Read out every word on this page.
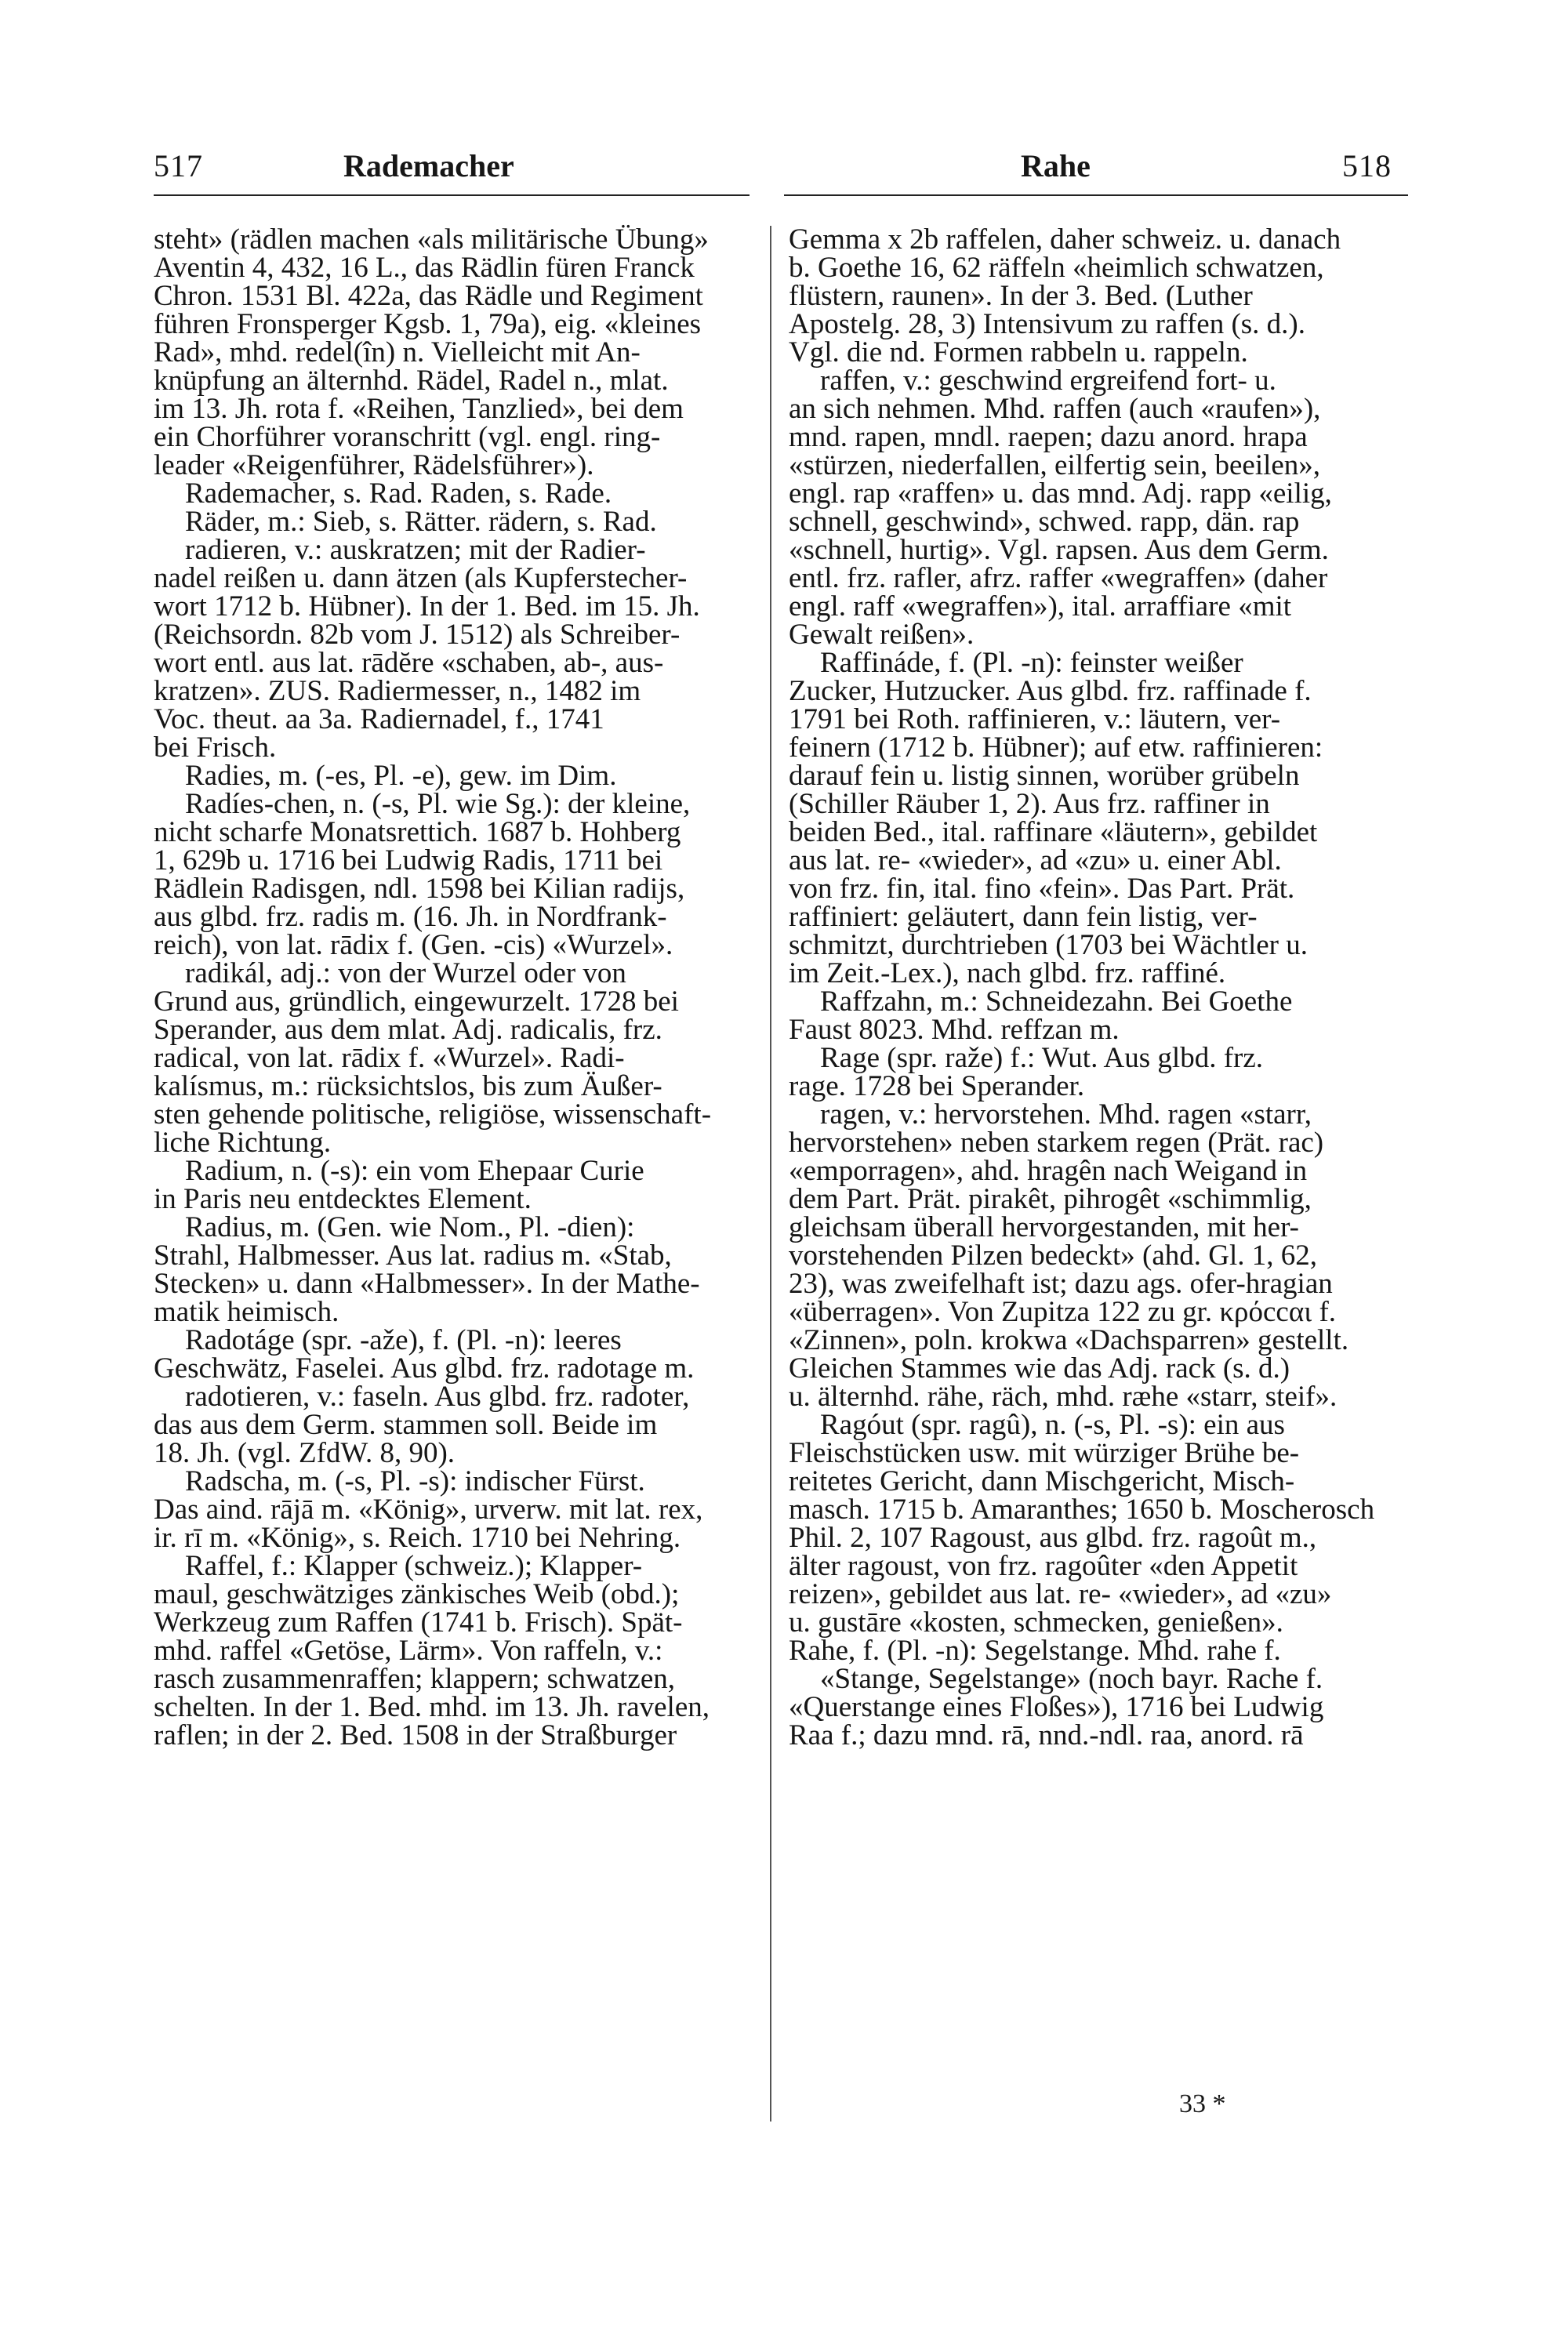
517	Rademacher	Rahe	518

steht» (rädlen machen «als militärische Übung»

Aventin 4, 432, 16 L., das Rädlin füren Franck

Chron. 1531 Bl. 422a, das Rädle und Regiment

führen Fronsperger Kgsb. 1, 79a), eig. «kleines

Rad», mhd. redel(în) n. Vielleicht mit An-

knüpfung an älternhd. Rädel, Radel n., mlat.

im 13. Jh. rota f. «Reihen, Tanzlied», bei dem

ein Chorführer voranschritt (vgl. engl. ring-

leader «Reigenführer, Rädelsführer»).

Rademacher, s. Rad. Raden, s. Rade.

Räder, m.: Sieb, s. Rätter. rädern, s. Rad.

radieren, v.: auskratzen; mit der Radier-

nadel reißen u. dann ätzen (als Kupferstecher-

wort 1712 b. Hübner). In der 1. Bed. im 15. Jh.

(Reichsordn. 82b vom J. 1512) als Schreiber-

wort entl. aus lat. rādĕre «schaben, ab-, aus-

kratzen». ZUS. Radiermesser, n., 1482 im

Voc. theut. aa 3a. Radiernadel, f., 1741

bei Frisch.

Radies, m. (-es, Pl. -e), gew. im Dim.

Radíes-chen, n. (-s, Pl. wie Sg.): der kleine,

nicht scharfe Monatsrettich. 1687 b. Hohberg

1, 629b u. 1716 bei Ludwig Radis, 1711 bei

Rädlein Radisgen, ndl. 1598 bei Kilian radijs,

aus glbd. frz. radis m. (16. Jh. in Nordfrank-

reich), von lat. rādix f. (Gen. -cis) «Wurzel».

radikál, adj.: von der Wurzel oder von

Grund aus, gründlich, eingewurzelt. 1728 bei

Sperander, aus dem mlat. Adj. radicalis, frz.

radical, von lat. rādix f. «Wurzel». Radi-

kalísmus, m.: rücksichtslos, bis zum Äußer-

sten gehende politische, religiöse, wissenschaft-

liche Richtung.

Radium, n. (-s): ein vom Ehepaar Curie

in Paris neu entdecktes Element.

Radius, m. (Gen. wie Nom., Pl. -dien):

Strahl, Halbmesser. Aus lat. radius m. «Stab,

Stecken» u. dann «Halbmesser». In der Mathe-

matik heimisch.

Radotáge (spr. -aže), f. (Pl. -n): leeres

Geschwätz, Faselei. Aus glbd. frz. radotage m.

radotieren, v.: faseln. Aus glbd. frz. radoter,

das aus dem Germ. stammen soll. Beide im

18. Jh. (vgl. ZfdW. 8, 90).

Radscha, m. (-s, Pl. -s): indischer Fürst.

Das aind. rājā m. «König», urverw. mit lat. rex,

ir. rī m. «König», s. Reich. 1710 bei Nehring.

Raffel, f.: Klapper (schweiz.); Klapper-

maul, geschwätziges zänkisches Weib (obd.);

Werkzeug zum Raffen (1741 b. Frisch). Spät-

mhd. raffel «Getöse, Lärm». Von raffeln, v.:

rasch zusammenraffen; klappern; schwatzen,

schelten. In der 1. Bed. mhd. im 13. Jh. ravelen,

raflen; in der 2. Bed. 1508 in der Straßburger

Gemma x 2b raffelen, daher schweiz. u. danach

b. Goethe 16, 62 räffeln «heimlich schwatzen,

flüstern, raunen». In der 3. Bed. (Luther

Apostelg. 28, 3) Intensivum zu raffen (s. d.).

Vgl. die nd. Formen rabbeln u. rappeln.

raffen, v.: geschwind ergreifend fort- u.

an sich nehmen. Mhd. raffen (auch «raufen»),

mnd. rapen, mndl. raepen; dazu anord. hrapa

«stürzen, niederfallen, eilfertig sein, beeilen»,

engl. rap «raffen» u. das mnd. Adj. rapp «eilig,

schnell, geschwind», schwed. rapp, dän. rap

«schnell, hurtig». Vgl. rapsen. Aus dem Germ.

entl. frz. rafler, afrz. raffer «wegraffen» (daher

engl. raff «wegraffen»), ital. arraffiare «mit

Gewalt reißen».

Raffináde, f. (Pl. -n): feinster weißer

Zucker, Hutzucker. Aus glbd. frz. raffinade f.

1791 bei Roth. raffinieren, v.: läutern, ver-

feinern (1712 b. Hübner); auf etw. raffinieren:

darauf fein u. listig sinnen, worüber grübeln

(Schiller Räuber 1, 2). Aus frz. raffiner in

beiden Bed., ital. raffinare «läutern», gebildet

aus lat. re- «wieder», ad «zu» u. einer Abl.

von frz. fin, ital. fino «fein». Das Part. Prät.

raffiniert: geläutert, dann fein listig, ver-

schmitzt, durchtrieben (1703 bei Wächtler u.

im Zeit.-Lex.), nach glbd. frz. raffiné.

Raffzahn, m.: Schneidezahn. Bei Goethe

Faust 8023. Mhd. reffzan m.

Rage (spr. raže) f.: Wut. Aus glbd. frz.

rage. 1728 bei Sperander.

ragen, v.: hervorstehen. Mhd. ragen «starr,

hervorstehen» neben starkem regen (Prät. rac)

«emporragen», ahd. hragên nach Weigand in

dem Part. Prät. pirakêt, pihrogêt «schimmlig,

gleichsam überall hervorgestanden, mit her-

vorstehenden Pilzen bedeckt» (ahd. Gl. 1, 62,

23), was zweifelhaft ist; dazu ags. ofer-hragian

«überragen». Von Zupitza 122 zu gr. κρόccαι f.

«Zinnen», poln. krokwa «Dachsparren» gestellt.

Gleichen Stammes wie das Adj. rack (s. d.)

u. älternhd. rähe, räch, mhd. ræhe «starr, steif».

Ragóut (spr. ragû), n. (-s, Pl. -s): ein aus

Fleischstücken usw. mit würziger Brühe be-

reitetes Gericht, dann Mischgericht, Misch-

masch. 1715 b. Amaranthes; 1650 b. Moscherosch

Phil. 2, 107 Ragoust, aus glbd. frz. ragoût m.,

älter ragoust, von frz. ragoûter «den Appetit

reizen», gebildet aus lat. re- «wieder», ad «zu»

u. gustāre «kosten, schmecken, genießen».

Rahe, f. (Pl. -n): Segelstange. Mhd. rahe f.

«Stange, Segelstange» (noch bayr. Rache f.

«Querstange eines Floßes»), 1716 bei Ludwig

Raa f.; dazu mnd. rā, nnd.-ndl. raa, anord. rā

33 *
